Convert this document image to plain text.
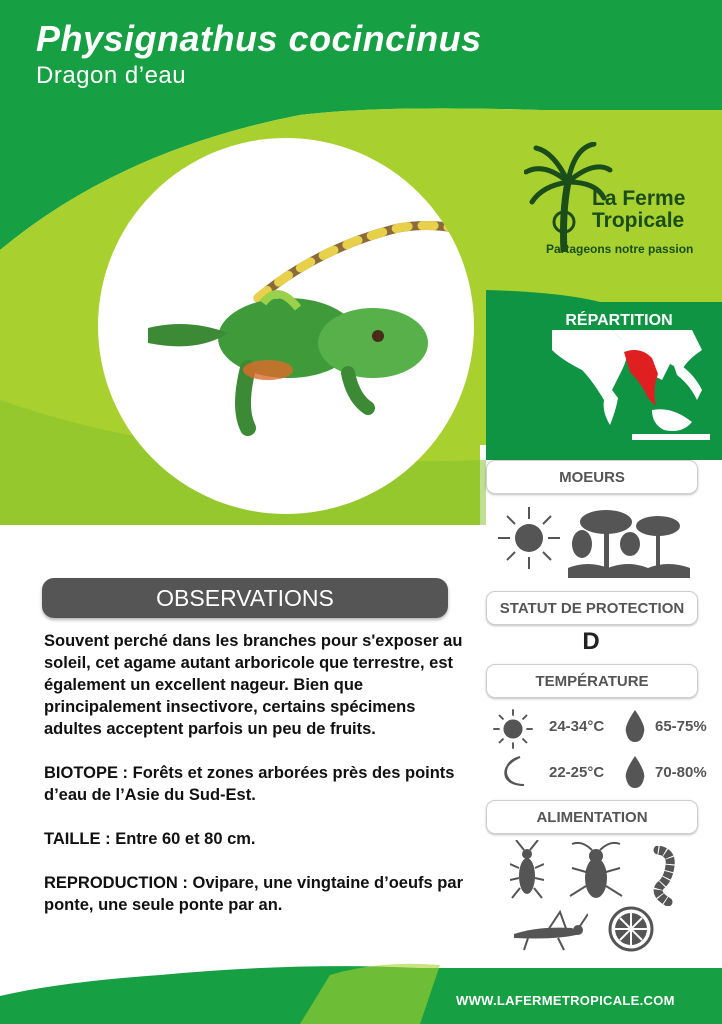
Physignathus cocincinus
Dragon d’eau
La Ferme
Tropicale
Partageons notre passion
RÉPARTITION
MOEURS
STATUT DE PROTECTION
D
TEMPÉRATURE
24-34°C	65-75%
22-25°C	70-80%
ALIMENTATION
OBSERVATIONS

Souvent perché dans les branches pour s'exposer au soleil, cet agame autant arboricole que terrestre, est également un excellent nageur. Bien que principalement insectivore, certains spécimens adultes acceptent parfois un peu de fruits.

BIOTOPE : Forêts et zones arborées près des points d’eau de l’Asie du Sud-Est.

TAILLE : Entre 60 et 80 cm.

REPRODUCTION : Ovipare, une vingtaine d’oeufs par ponte, une seule ponte par an.

WWW.LAFERMETROPICALE.COM
